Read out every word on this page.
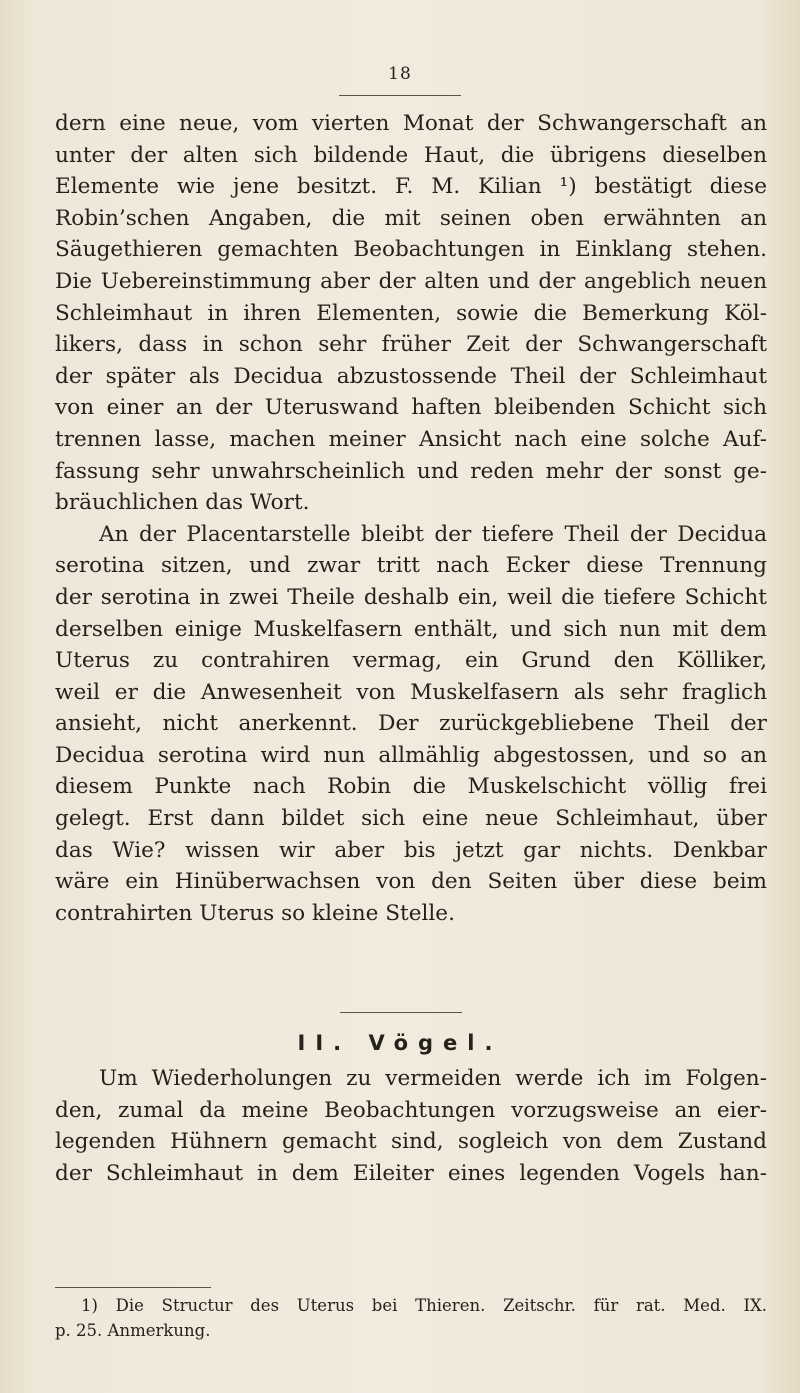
18
dern eine neue, vom vierten Monat der Schwangerschaft an
unter der alten sich bildende Haut, die übrigens dieselben
Elemente wie jene besitzt. F. M. Kilian ¹) bestätigt diese
Robin’schen Angaben, die mit seinen oben erwähnten an
Säugethieren gemachten Beobachtungen in Einklang stehen.
Die Uebereinstimmung aber der alten und der angeblich neuen
Schleimhaut in ihren Elementen, sowie die Bemerkung Köl-
likers, dass in schon sehr früher Zeit der Schwangerschaft
der später als Decidua abzustossende Theil der Schleimhaut
von einer an der Uteruswand haften bleibenden Schicht sich
trennen lasse, machen meiner Ansicht nach eine solche Auf-
fassung sehr unwahrscheinlich und reden mehr der sonst ge-
bräuchlichen das Wort.
An der Placentarstelle bleibt der tiefere Theil der Decidua
serotina sitzen, und zwar tritt nach Ecker diese Trennung
der serotina in zwei Theile deshalb ein, weil die tiefere Schicht
derselben einige Muskelfasern enthält, und sich nun mit dem
Uterus zu contrahiren vermag, ein Grund den Kölliker,
weil er die Anwesenheit von Muskelfasern als sehr fraglich
ansieht, nicht anerkennt. Der zurückgebliebene Theil der
Decidua serotina wird nun allmählig abgestossen, und so an
diesem Punkte nach Robin die Muskelschicht völlig frei
gelegt. Erst dann bildet sich eine neue Schleimhaut, über
das Wie? wissen wir aber bis jetzt gar nichts. Denkbar
wäre ein Hinüberwachsen von den Seiten über diese beim
contrahirten Uterus so kleine Stelle.
II. Vögel.
Um Wiederholungen zu vermeiden werde ich im Folgen-
den, zumal da meine Beobachtungen vorzugsweise an eier-
legenden Hühnern gemacht sind, sogleich von dem Zustand
der Schleimhaut in dem Eileiter eines legenden Vogels han-
1) Die Structur des Uterus bei Thieren. Zeitschr. für rat. Med. IX.
p. 25. Anmerkung.
